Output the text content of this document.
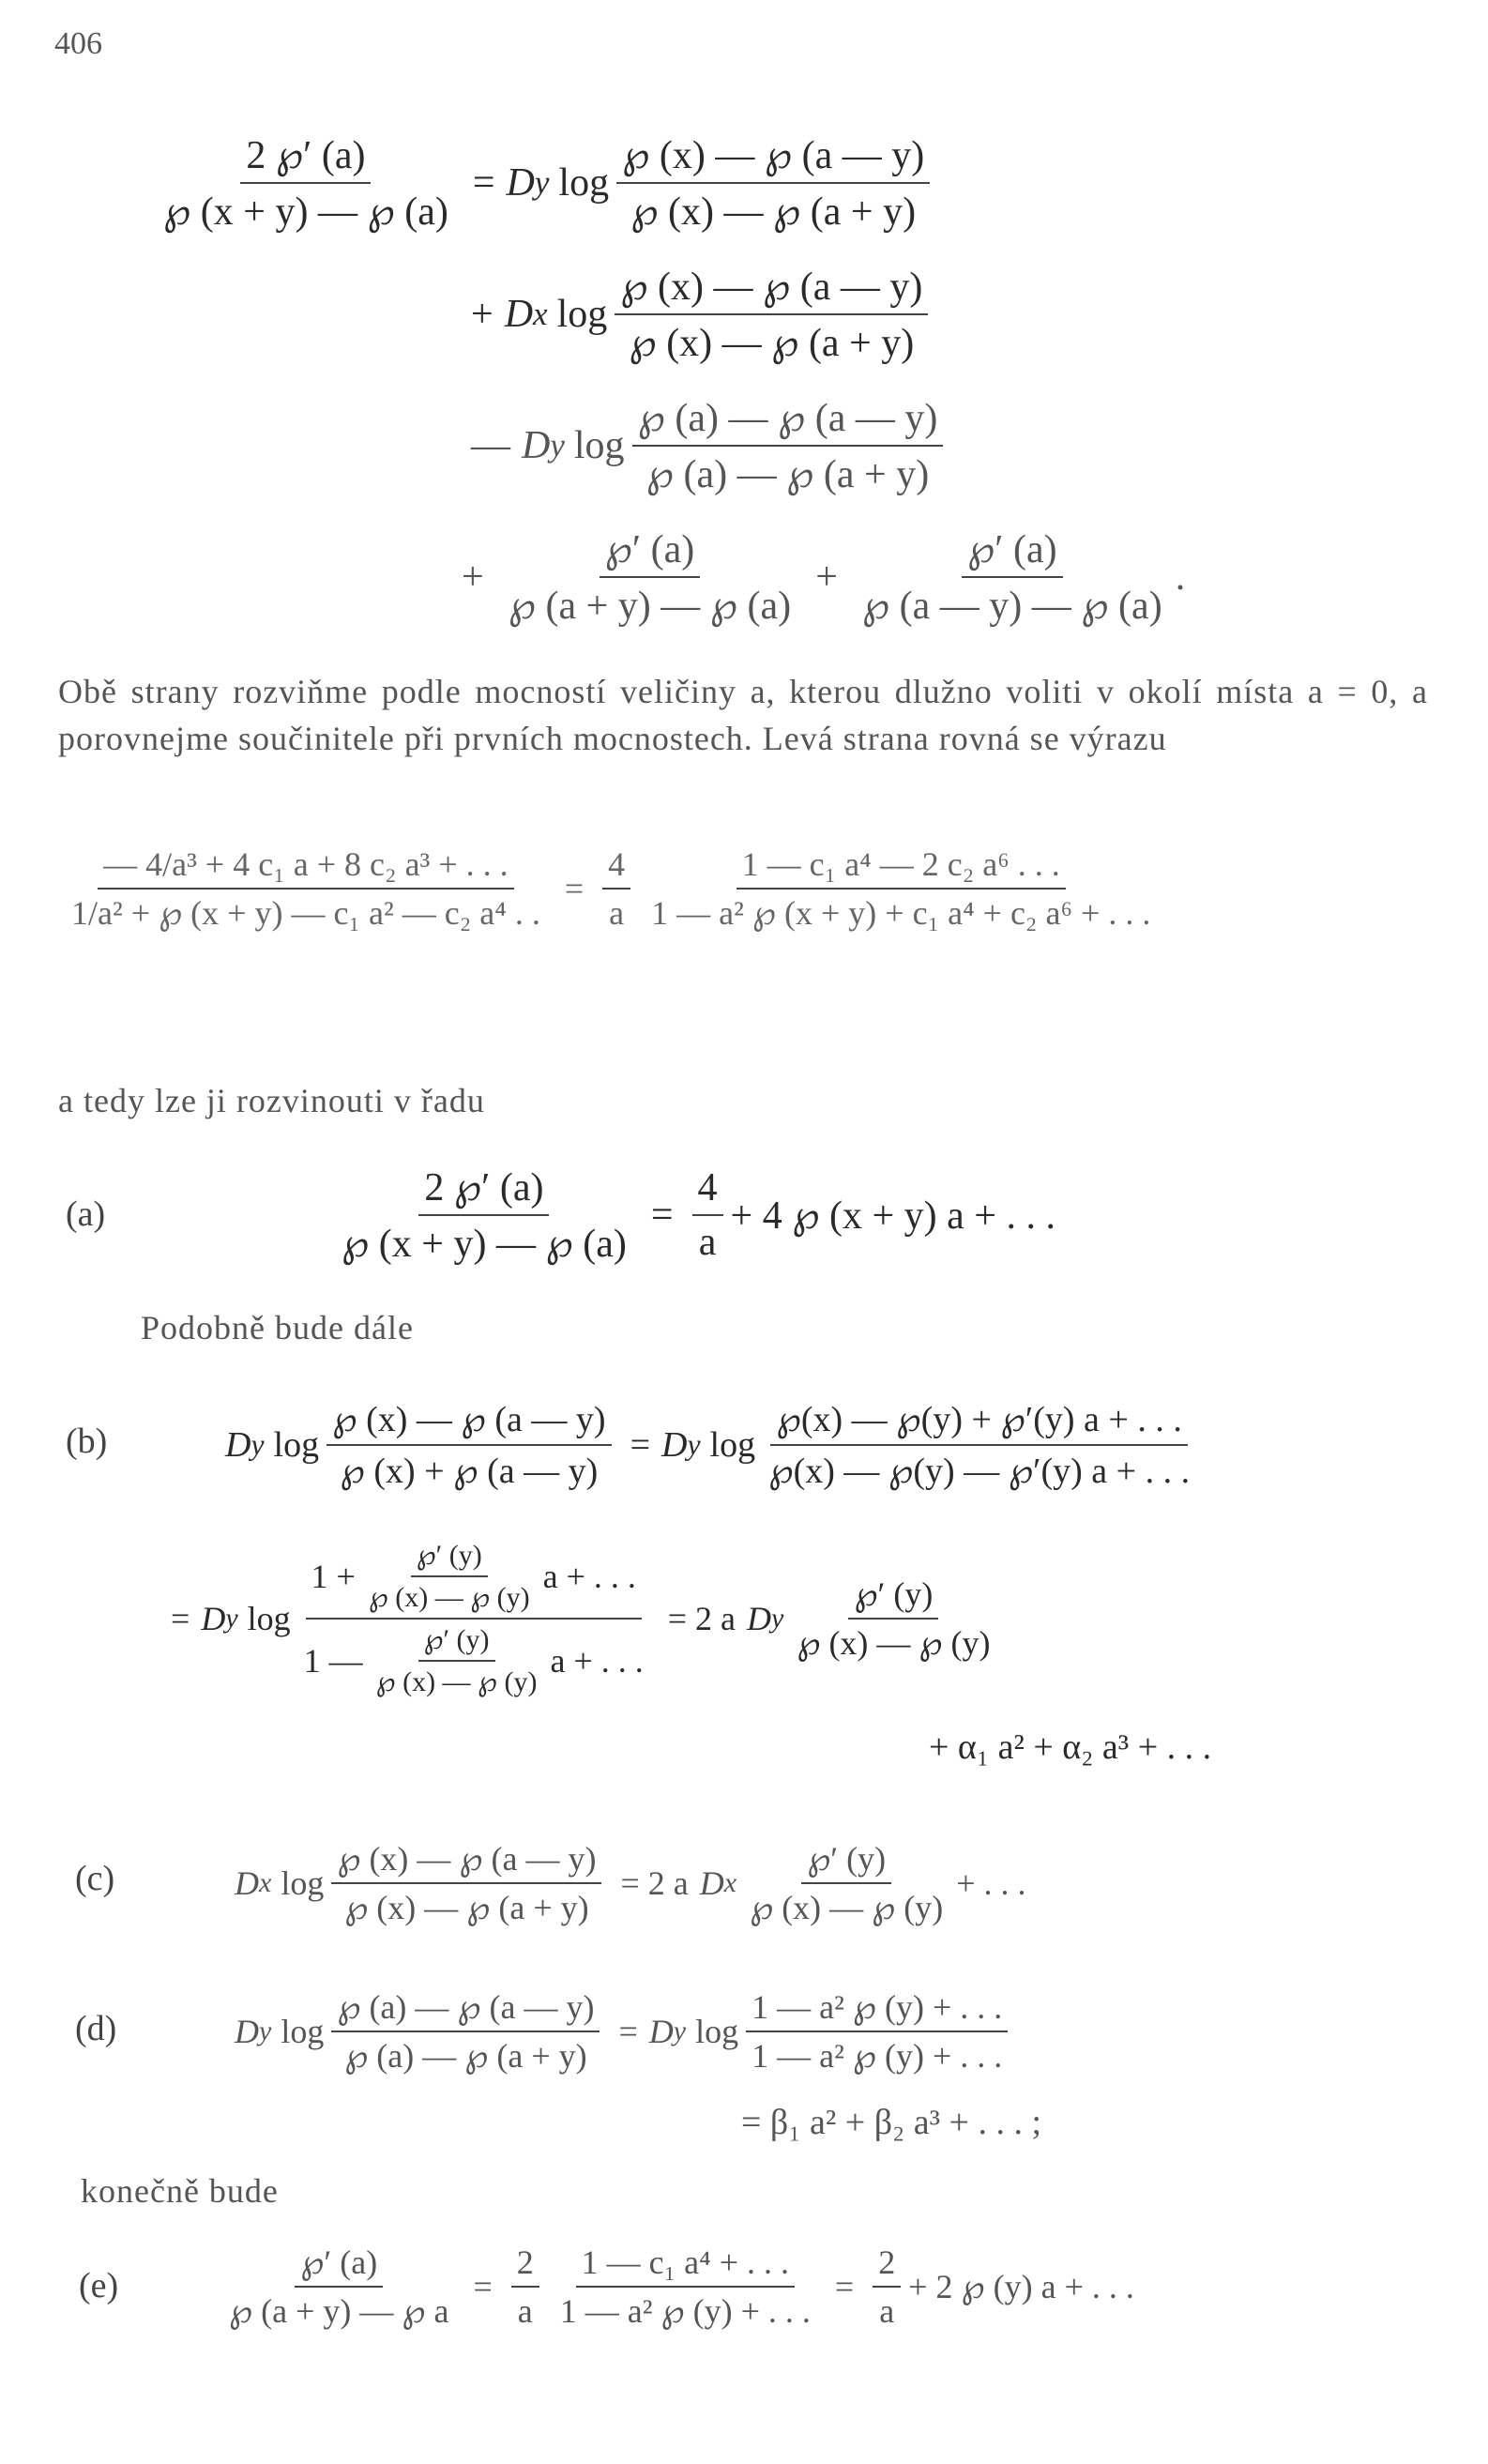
406
$\frac{2 ℘' (a)}{℘ (x + y) — ℘ (a)} = D$ y $\log \frac{℘ (x) — ℘ (a — y)}{℘ (x) — ℘ (a + y)}$
+ D x $\log \frac{℘ (x) — ℘ (a — y)}{℘ (x) — ℘ (a + y)}$
— D y $\log \frac{℘ (a) — ℘ (a — y)}{℘ (a) — ℘ (a + y)}$
+ $\frac{℘' (a)}{℘ (a + y) — ℘ (a)} + \frac{℘' (a)}{℘ (a — y) — ℘ (a)}$ .
Obě strany rozviňme podle mocností veličiny a, kterou dlužno voliti v okolí místa a = 0, a porovnejme součinitele při prvních mocnostech. Levá strana rovná se výrazu
$\frac{\text{— 4/a³ + 4 c₁ a + 8 c₂ a³ + . . .}}{\text{1/a² + ℘ (x + y) — c₁ a² — c₂ a⁴ . .}} = \frac{4}{a} \frac{\text{1 — c₁ a⁴ — 2 c₂ a⁶ . . .}}{\text{1 — a² ℘ (x + y) + c₁ a⁴ + c₂ a⁶ + . . .}}$
a tedy lze ji rozvinouti v řadu
(a)	$\frac{2 ℘' (a)}{℘ (x + y) — ℘ (a)} = \frac{4}{a} + 4$ ℘ (x + y) a + . . .
Podobně bude dále
(b)	D y $\log \frac{℘ (x) — ℘ (a — y)}{℘ (x) + ℘ (a — y)} = D$ y $\log \frac{℘(x) — ℘(y) + ℘'(y) a + . . .}{℘(x) — ℘(y) — ℘'(y) a + . . .}$
= D y log
$1 + \frac{℘' (y)}{℘ (x) — ℘ (y)}$ a + . . .
1 — $\frac{℘' (y)}{℘ (x) — ℘ (y)}$ a + . . .
= 2 a D y $\frac{℘' (y)}{℘ (x) — ℘ (y)}$
+ α₁ a² + α₂ a³ + . . .
(c)	D x $\log \frac{℘ (x) — ℘ (a — y)}{℘ (x) — ℘ (a + y)} = 2$ a D x $\frac{℘' (y)}{℘ (x) — ℘ (y)}$ + . . .
(d)	D y $\log \frac{℘ (a) — ℘ (a — y)}{℘ (a) — ℘ (a + y)} = D$ y $\log \frac{\text{1 — a² ℘ (y) + . . .}}{\text{1 — a² ℘ (y) + . . .}}$
= β₁ a² + β₂ a³ + . . . ;
konečně bude
(e)	$\frac{℘' (a)}{℘ (a + y) — ℘ a} = \frac{2}{a} \frac{\text{1 — c₁ a⁴ + . . .}}{\text{1 — a² ℘ (y) + . . .}} = \frac{2}{a} + 2$ ℘ (y) a + . . .
